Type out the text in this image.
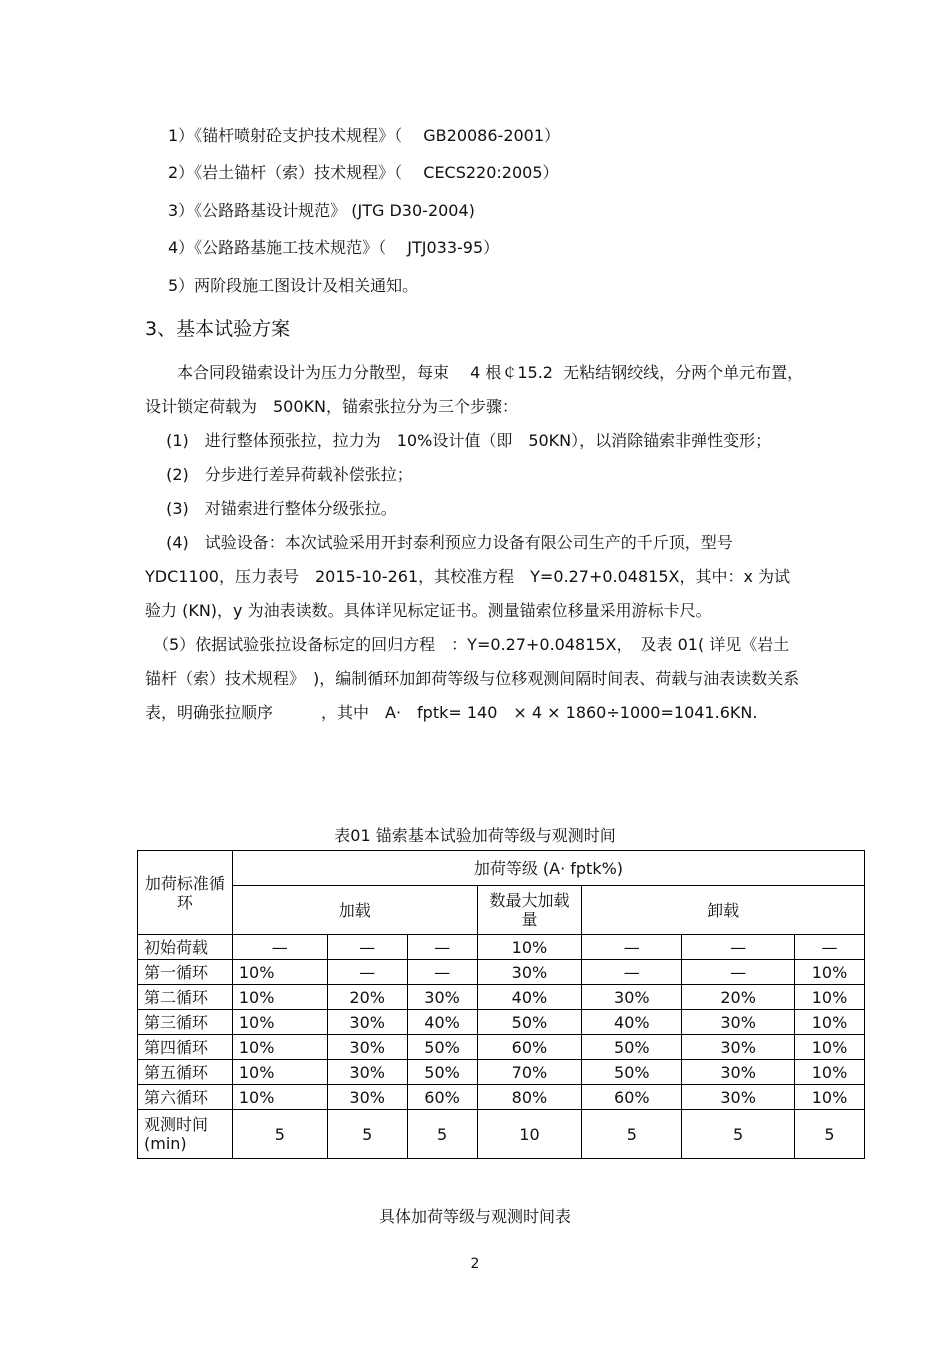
1）《锚杆喷射砼支护技术规程》（　 GB20086-2001）
2）《岩土锚杆（索）技术规程》（　 CECS220:2005）
3）《公路路基设计规范》 (JTG D30-2004)
4）《公路路基施工技术规范》（　 JTJ033-95）
5）两阶段施工图设计及相关通知。
3、基本试验方案

　　本合同段锚索设计为压力分散型，每束　 4 根￠15.2  无粘结钢绞线，分两个单元布置，设计锁定荷载为　500KN，锚索张拉分为三个步骤：

　 (1)　进行整体预张拉，拉力为　10%设计值（即　50KN），以消除锚索非弹性变形；

　 (2)　分步进行差异荷载补偿张拉；

　 (3)　对锚索进行整体分级张拉。

　 (4)　试验设备：本次试验采用开封泰利预应力设备有限公司生产的千斤顶，型号 YDC1100，压力表号　2015-10-261，其校准方程　Y=0.27+0.04815X，其中：x 为试验力 (KN)，y 为油表读数。具体详见标定证书。测量锚索位移量采用游标卡尺。

　（5）依据试验张拉设备标定的回归方程　：Y=0.27+0.04815X，　及表 01( 详见《岩土锚杆（索）技术规程》　)，编制循环加卸荷等级与位移观测间隔时间表、荷载与油表读数关系表，明确张拉顺序　　　，其中　A·　fptk= 140　× 4 × 1860÷1000=1041.6KN.

表01 锚索基本试验加荷等级与观测时间
加荷标准循环	加荷等级 (A· fptk%)						
	加载			数最大加载量	卸载		
初始荷载	—	—	—	10%	—	—	—
第一循环	10%	—	—	30%	—	—	10%
第二循环	10%	20%	30%	40%	30%	20%	10%
第三循环	10%	30%	40%	50%	40%	30%	10%
第四循环	10%	30%	50%	60%	50%	30%	10%
第五循环	10%	30%	50%	70%	50%	30%	10%
第六循环	10%	30%	60%	80%	60%	30%	10%
观测时间 (min)	5	5	5	10	5	5	5
具体加荷等级与观测时间表
2
